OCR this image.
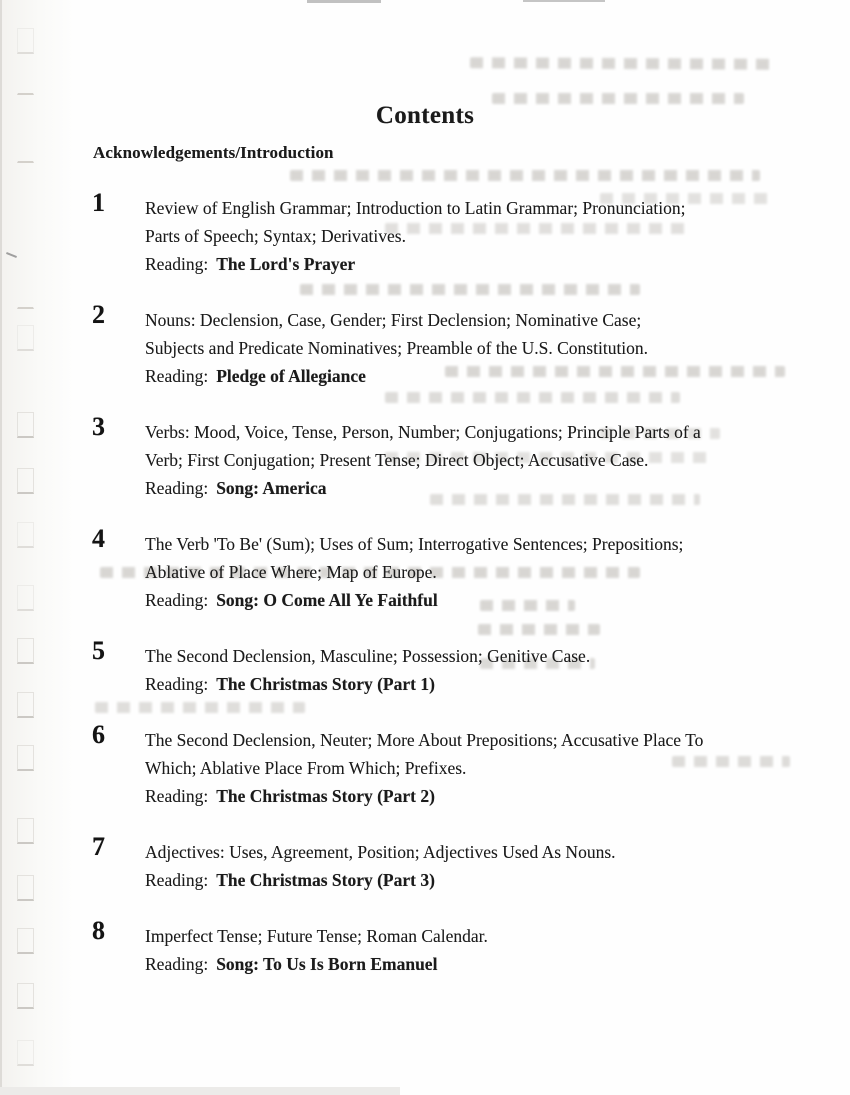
Contents
Acknowledgements/Introduction
1 Review of English Grammar; Introduction to Latin Grammar; Pronunciation;
Parts of Speech; Syntax; Derivatives.
Reading: The Lord's Prayer
2 Nouns: Declension, Case, Gender; First Declension; Nominative Case;
Subjects and Predicate Nominatives; Preamble of the U.S. Constitution.
Reading: Pledge of Allegiance
3 Verbs: Mood, Voice, Tense, Person, Number; Conjugations; Principle Parts of a
Verb; First Conjugation; Present Tense; Direct Object; Accusative Case.
Reading: Song: America
4 The Verb 'To Be' (Sum); Uses of Sum; Interrogative Sentences; Prepositions;
Ablative of Place Where; Map of Europe.
Reading: Song: O Come All Ye Faithful
5 The Second Declension, Masculine; Possession; Genitive Case.
Reading: The Christmas Story (Part 1)
6 The Second Declension, Neuter; More About Prepositions; Accusative Place To
Which; Ablative Place From Which; Prefixes.
Reading: The Christmas Story (Part 2)
7 Adjectives: Uses, Agreement, Position; Adjectives Used As Nouns.
Reading: The Christmas Story (Part 3)
8 Imperfect Tense; Future Tense; Roman Calendar.
Reading: Song: To Us Is Born Emanuel
